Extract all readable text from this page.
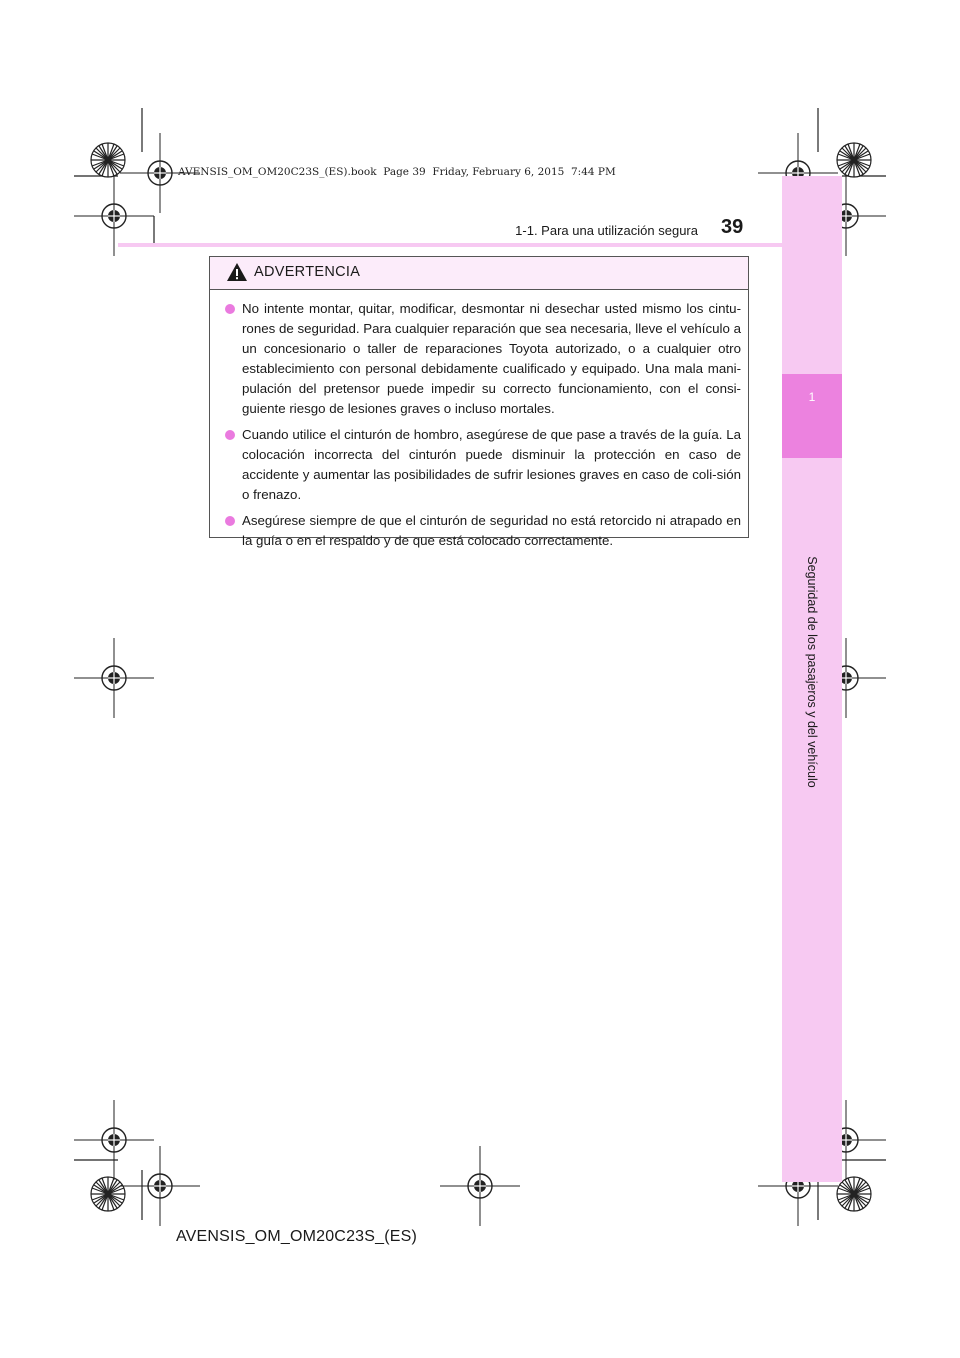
AVENSIS_OM_OM20C23S_(ES).book  Page 39  Friday, February 6, 2015  7:44 PM
1
Seguridad de los pasajeros y del vehículo
1-1. Para una utilización segura 39
ADVERTENCIA
No intente montar, quitar, modificar, desmontar ni desechar usted mismo los cintu-rones de seguridad. Para cualquier reparación que sea necesaria, lleve el vehículo a un concesionario o taller de reparaciones Toyota autorizado, o a cualquier otro establecimiento con personal debidamente cualificado y equipado. Una mala mani-pulación del pretensor puede impedir su correcto funcionamiento, con el consi-guiente riesgo de lesiones graves o incluso mortales.
Cuando utilice el cinturón de hombro, asegúrese de que pase a través de la guía. La colocación incorrecta del cinturón puede disminuir la protección en caso de accidente y aumentar las posibilidades de sufrir lesiones graves en caso de coli-sión o frenazo.
Asegúrese siempre de que el cinturón de seguridad no está retorcido ni atrapado en la guía o en el respaldo y de que está colocado correctamente.
AVENSIS_OM_OM20C23S_(ES)
